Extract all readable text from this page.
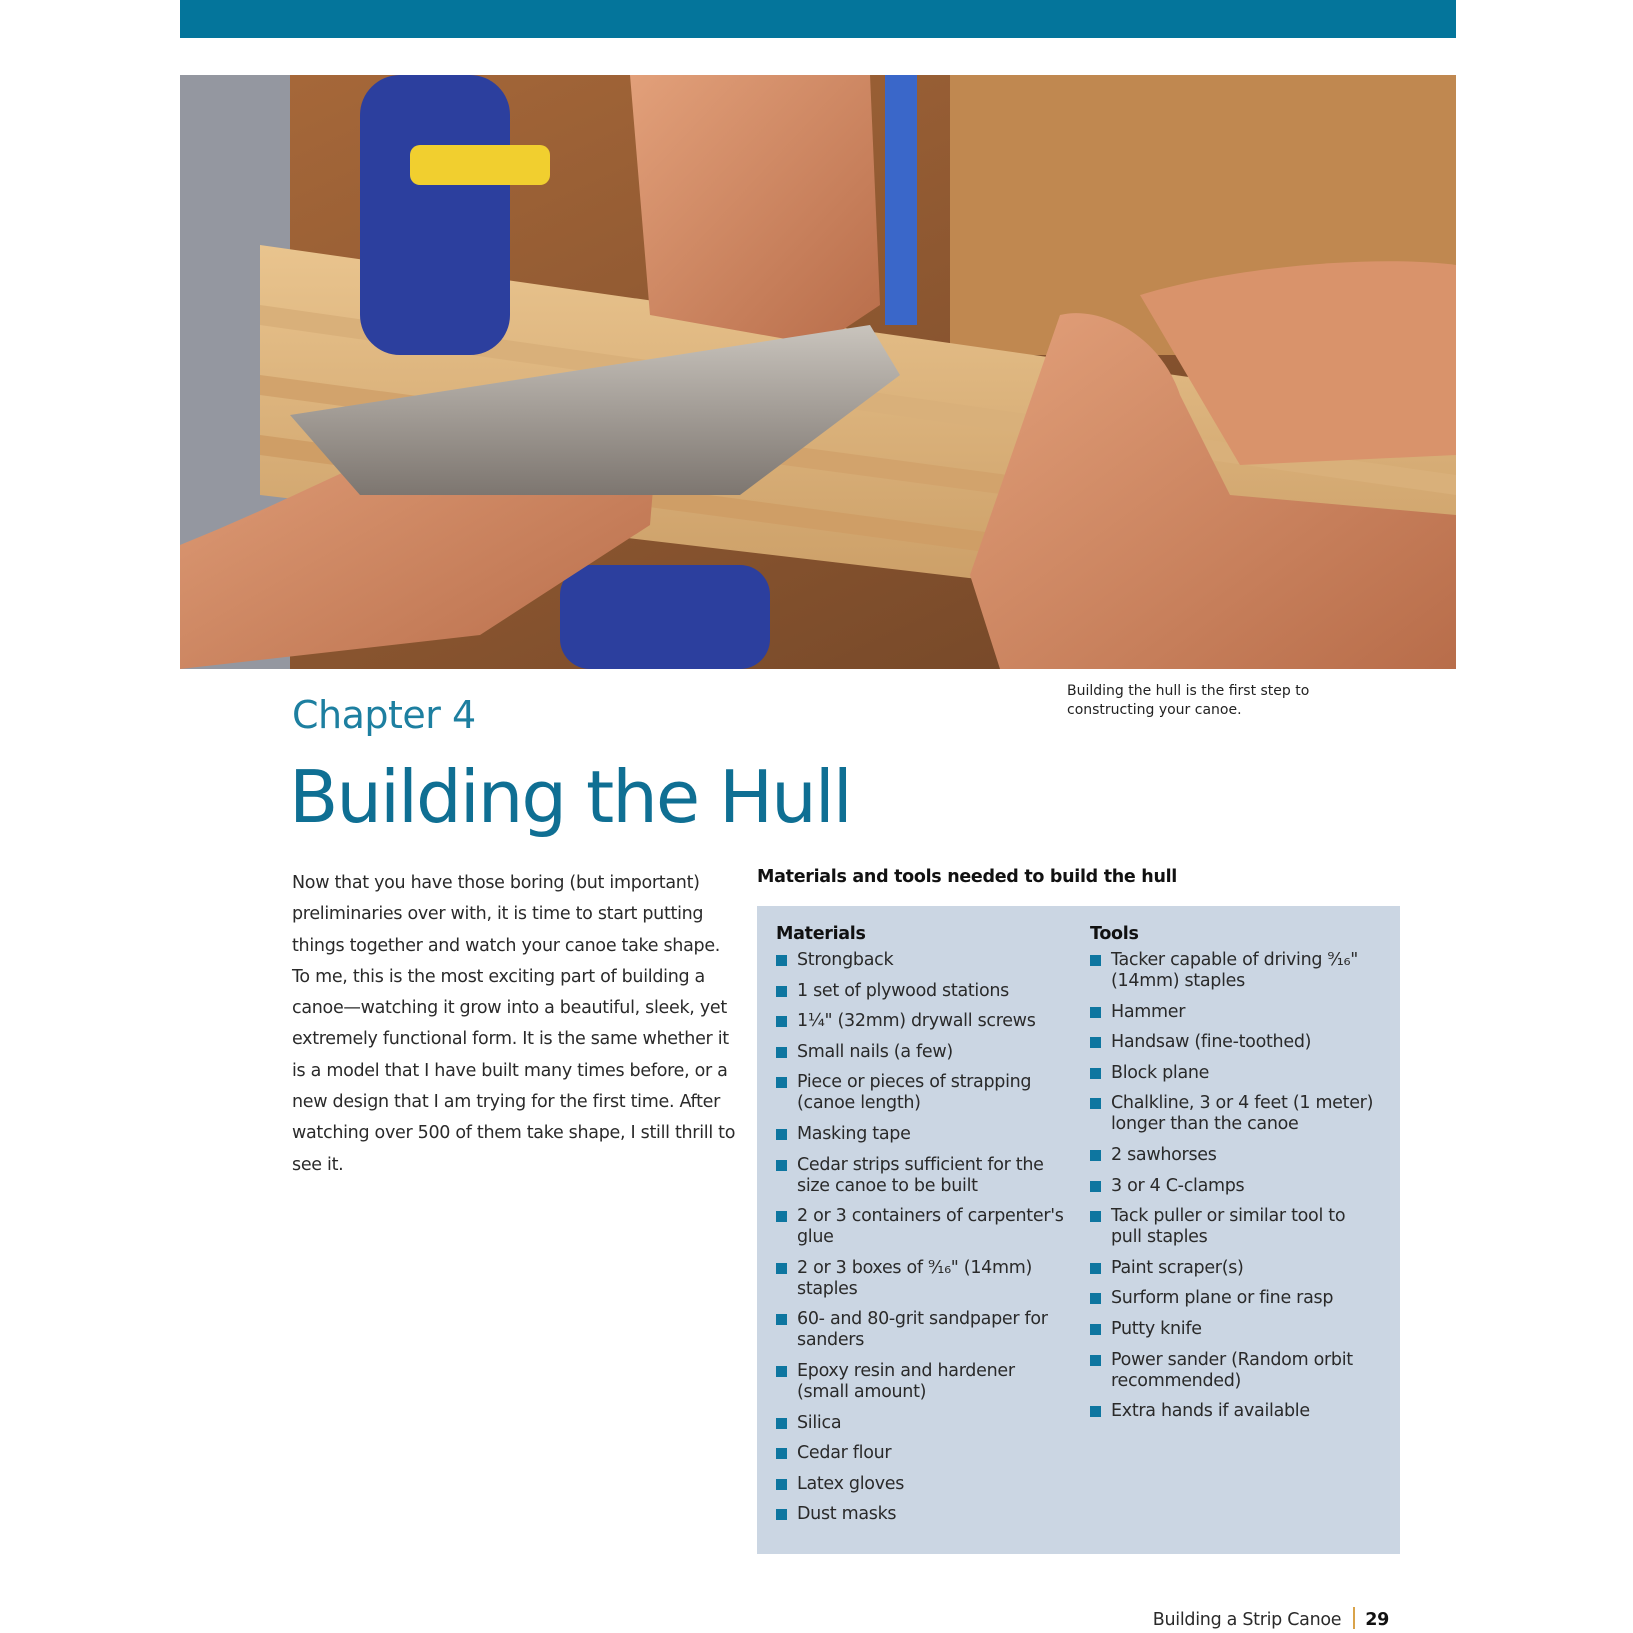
Building the hull is the first step to constructing your canoe.
Chapter 4
Building the Hull

Now that you have those boring (but important) preliminaries over with, it is time to start putting things together and watch your canoe take shape. To me, this is the most exciting part of building a canoe—watching it grow into a beautiful, sleek, yet extremely functional form. It is the same whether it is a model that I have built many times before, or a new design that I am trying for the first time. After watching over 500 of them take shape, I still thrill to see it.

Materials and tools needed to build the hull
Materials
Strongback
1 set of plywood stations
1¼" (32mm) drywall screws
Small nails (a few)
Piece or pieces of strapping (canoe length)
Masking tape
Cedar strips sufficient for the size canoe to be built
2 or 3 containers of carpenter's glue
2 or 3 boxes of ⁹⁄₁₆" (14mm) staples
60- and 80-grit sandpaper for sanders
Epoxy resin and hardener (small amount)
Silica
Cedar flour
Latex gloves
Dust masks
Tools
Tacker capable of driving ⁹⁄₁₆" (14mm) staples
Hammer
Handsaw (fine-toothed)
Block plane
Chalkline, 3 or 4 feet (1 meter) longer than the canoe
2 sawhorses
3 or 4 C-clamps
Tack puller or similar tool to pull staples
Paint scraper(s)
Surform plane or fine rasp
Putty knife
Power sander (Random orbit recommended)
Extra hands if available
Building a Strip Canoe 29
